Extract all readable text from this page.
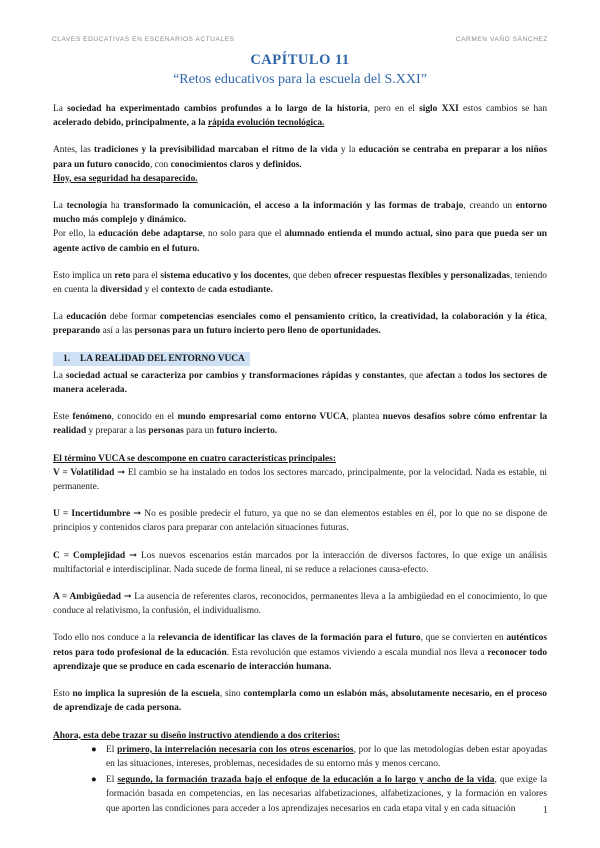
CLAVES EDUCATIVAS EN ESCENARIOS ACTUALES	CARMEN VAÑO SÁNCHEZ

CAPÍTULO 11

“Retos educativos para la escuela del S.XXI”

La sociedad ha experimentado cambios profundos a lo largo de la historia, pero en el siglo XXI estos cambios se han acelerado debido, principalmente, a la rápida evolución tecnológica.

Antes, las tradiciones y la previsibilidad marcaban el ritmo de la vida y la educación se centraba en preparar a los niños para un futuro conocido, con conocimientos claros y definidos.
Hoy, esa seguridad ha desaparecido.

La tecnología ha transformado la comunicación, el acceso a la información y las formas de trabajo, creando un entorno mucho más complejo y dinámico.
Por ello, la educación debe adaptarse, no solo para que el alumnado entienda el mundo actual, sino para que pueda ser un agente activo de cambio en el futuro.

Esto implica un reto para el sistema educativo y los docentes, que deben ofrecer respuestas flexibles y personalizadas, teniendo en cuenta la diversidad y el contexto de cada estudiante.

La educación debe formar competencias esenciales como el pensamiento crítico, la creatividad, la colaboración y la ética, preparando así a las personas para un futuro incierto pero lleno de oportunidades.

1. LA REALIDAD DEL ENTORNO VUCA

La sociedad actual se caracteriza por cambios y transformaciones rápidas y constantes, que afectan a todos los sectores de manera acelerada.

Este fenómeno, conocido en el mundo empresarial como entorno VUCA, plantea nuevos desafíos sobre cómo enfrentar la realidad y preparar a las personas para un futuro incierto.

El término VUCA se descompone en cuatro características principales:

V = Volatilidad ➞ El cambio se ha instalado en todos los sectores marcado, principalmente, por la velocidad. Nada es estable, ni permanente.

U = Incertidumbre ➞ No es posible predecir el futuro, ya que no se dan elementos estables en él, por lo que no se dispone de principios y contenidos claros para preparar con antelación situaciones futuras.

C = Complejidad ➞ Los nuevos escenarios están marcados por la interacción de diversos factores, lo que exige un análisis multifactorial e interdisciplinar. Nada sucede de forma lineal, ni se reduce a relaciones causa-efecto.

A = Ambigüedad ➞ La ausencia de referentes claros, reconocidos, permanentes lleva a la ambigüedad en el conocimiento, lo que conduce al relativismo, la confusión, el individualismo.

Todo ello nos conduce a la relevancia de identificar las claves de la formación para el futuro, que se convierten en auténticos retos para todo profesional de la educación. Esta revolución que estamos viviendo a escala mundial nos lleva a reconocer todo aprendizaje que se produce en cada escenario de interacción humana.

Esto no implica la supresión de la escuela, sino contemplarla como un eslabón más, absolutamente necesario, en el proceso de aprendizaje de cada persona.

Ahora, esta debe trazar su diseño instructivo atendiendo a dos criterios:

● El primero, la interrelación necesaria con los otros escenarios, por lo que las metodologías deben estar apoyadas en las situaciones, intereses, problemas, necesidades de su entorno más y menos cercano.
● El segundo, la formación trazada bajo el enfoque de la educación a lo largo y ancho de la vida, que exige la formación basada en competencias, en las necesarias alfabetizaciones, alfabetizaciones, y la formación en valores que aporten las condiciones para acceder a los aprendizajes necesarios en cada etapa vital y en cada situación	1
